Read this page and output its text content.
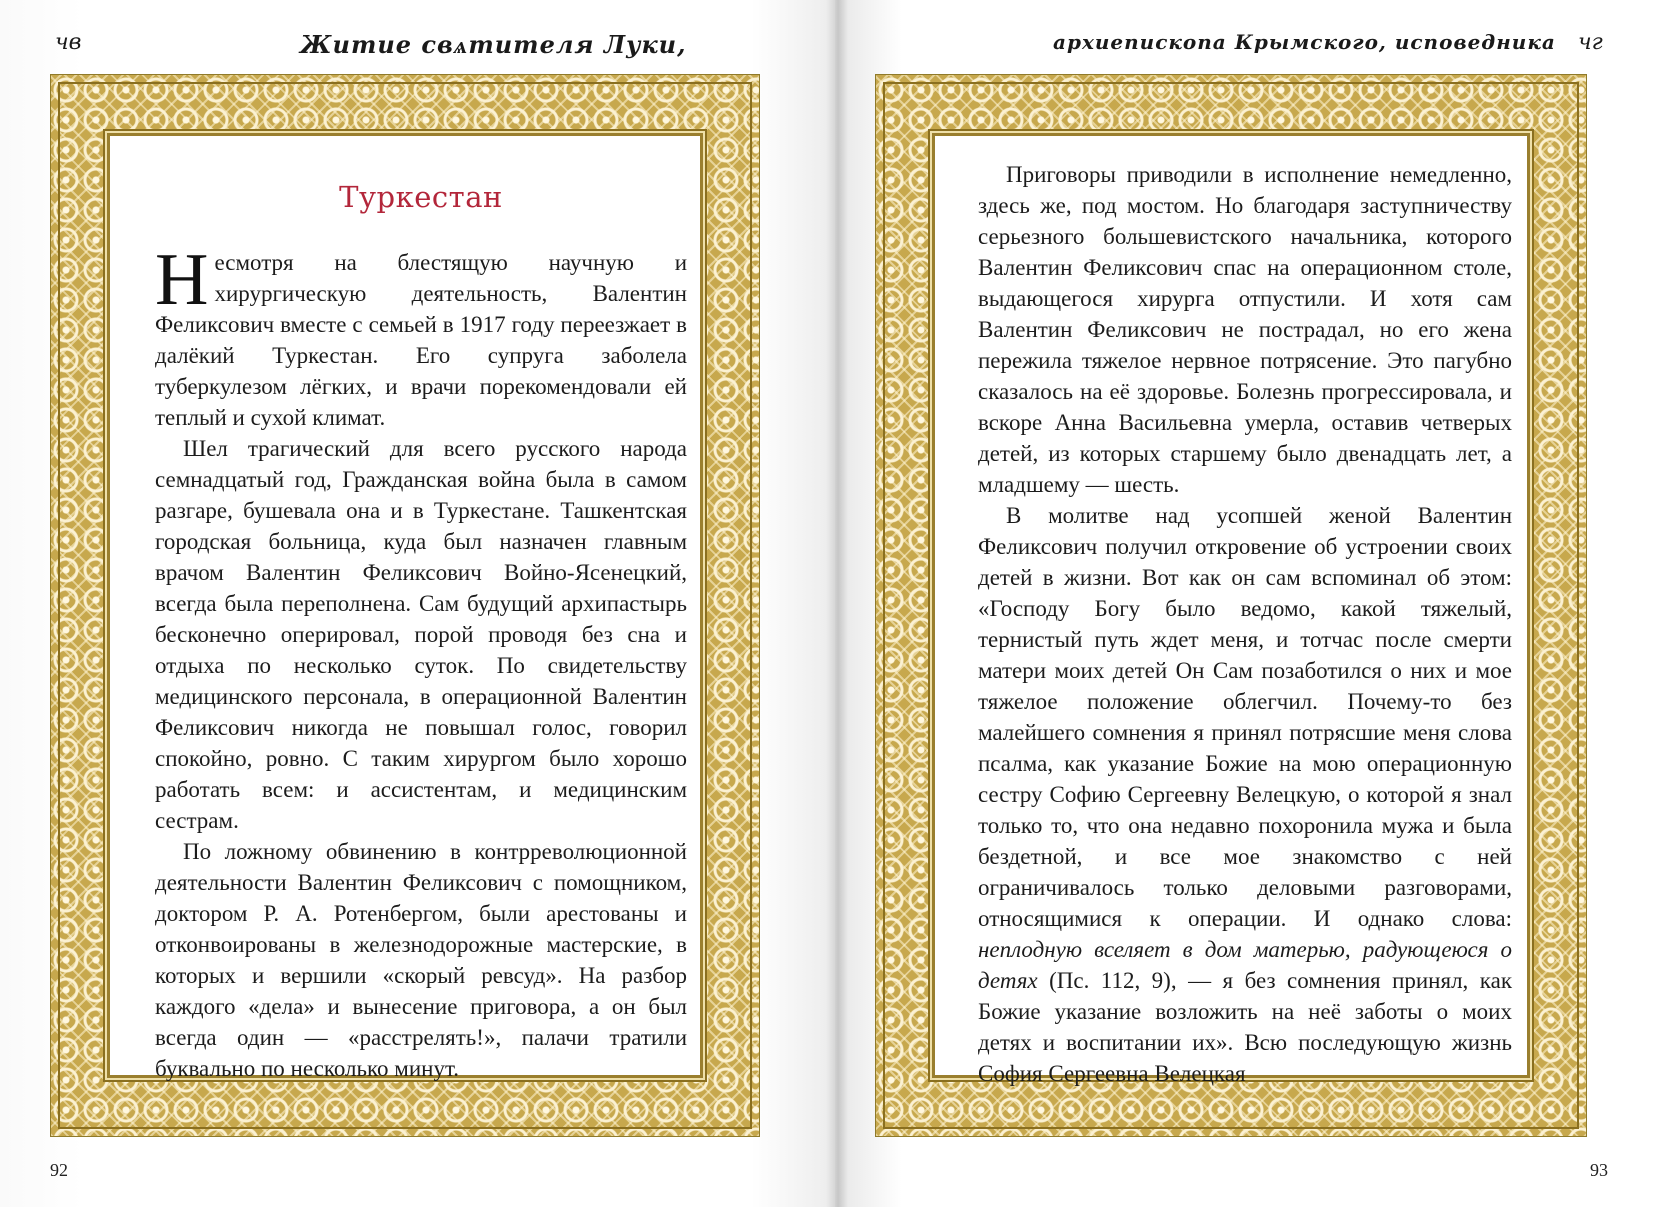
чв	Житие свѧтителя Луки,	архиепископа Крымского, исповедника чг
Туркестан

Несмотря на блестящую научную и хирургическую деятельность, Валентин Феликсович вместе с семьей в 1917 году переезжает в далёкий Туркестан. Его супруга заболела туберкулезом лёгких, и врачи порекомендовали ей теплый и сухой климат.

Шел трагический для всего русского народа семнадцатый год, Гражданская война была в самом разгаре, бушевала она и в Туркестане. Ташкентская городская больница, куда был назначен главным врачом Валентин Феликсович Войно-Ясенецкий, всегда была переполнена. Сам будущий архипастырь бесконечно оперировал, порой проводя без сна и отдыха по несколько суток. По свидетельству медицинского персонала, в операционной Валентин Феликсович никогда не повышал голос, говорил спокойно, ровно. С таким хирургом было хорошо работать всем: и ассистентам, и медицинским сестрам.

По ложному обвинению в контрреволюционной деятельности Валентин Феликсович с помощником, доктором Р. А. Ротенбергом, были арестованы и отконвоированы в железнодорожные мастерские, в которых и вершили «скорый ревсуд». На разбор каждого «дела» и вынесение приговора, а он был всегда один — «расстрелять!», палачи тратили буквально по несколько минут.

92

Приговоры приводили в исполнение немедленно, здесь же, под мостом. Но благодаря заступничеству серьезного большевистского начальника, которого Валентин Феликсович спас на операционном столе, выдающегося хирурга отпустили. И хотя сам Валентин Феликсович не пострадал, но его жена пережила тяжелое нервное потрясение. Это пагубно сказалось на её здоровье. Болезнь прогрессировала, и вскоре Анна Васильевна умерла, оставив четверых детей, из которых старшему было двенадцать лет, а младшему — шесть.

В молитве над усопшей женой Валентин Феликсович получил откровение об устроении своих детей в жизни. Вот как он сам вспоминал об этом: «Господу Богу было ведомо, какой тяжелый, тернистый путь ждет меня, и тотчас после смерти матери моих детей Он Сам позаботился о них и мое тяжелое положение облегчил. Почему-то без малейшего сомнения я принял потрясшие меня слова псалма, как указание Божие на мою операционную сестру Софию Сергеевну Велецкую, о которой я знал только то, что она недавно похоронила мужа и была бездетной, и все мое знакомство с ней ограничивалось только деловыми разговорами, относящимися к операции. И однако слова: неплодную вселяет в дом матерью, радующеюся о детях (Пс. 112, 9), — я без сомнения принял, как Божие указание возложить на неё заботы о моих детях и воспитании их». Всю последующую жизнь София Сергеевна Велецкая

93
